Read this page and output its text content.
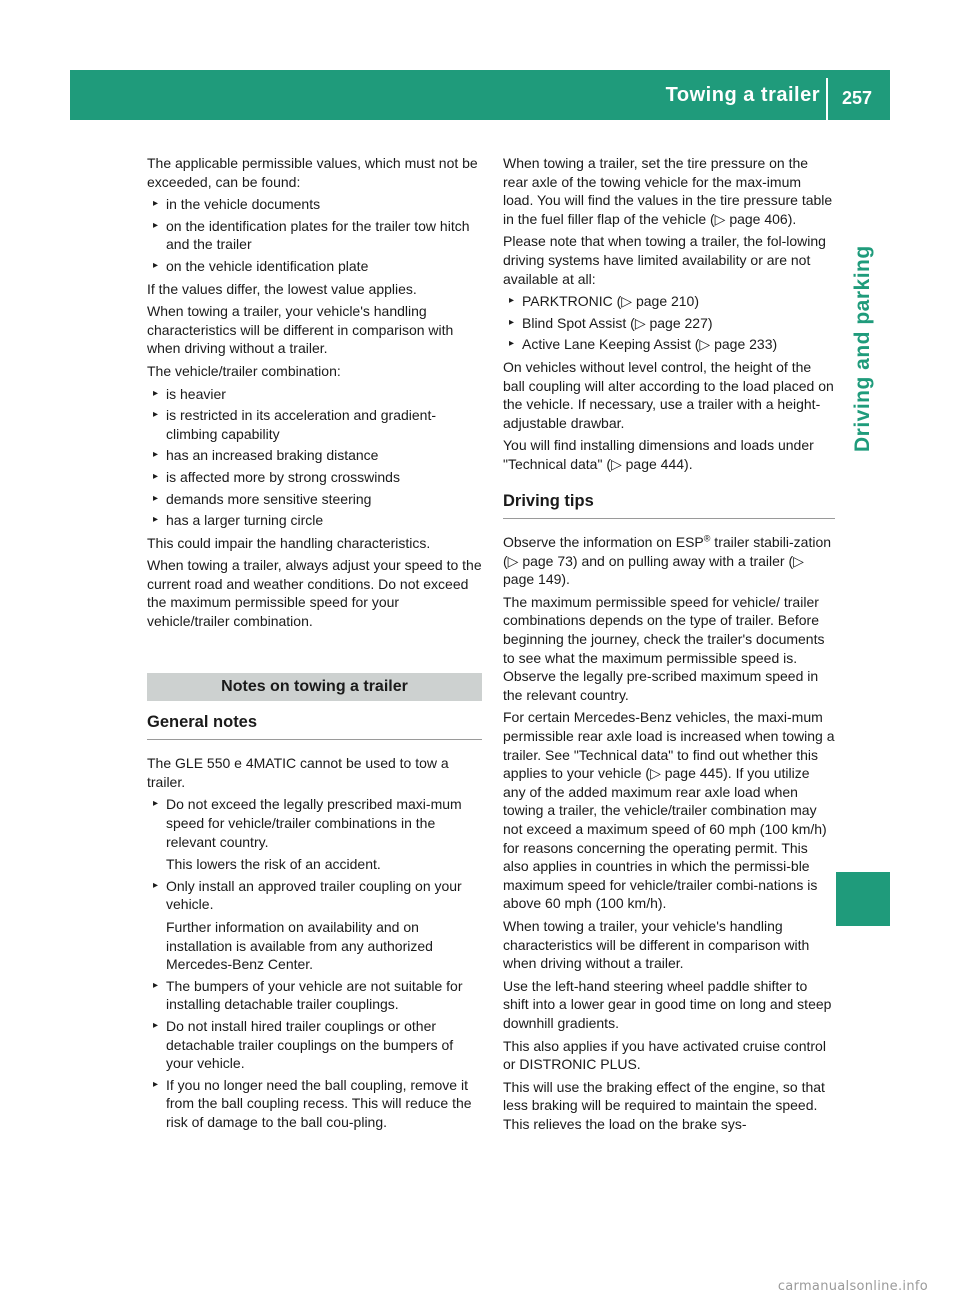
Towing a trailer	257
Driving and parking

The applicable permissible values, which must not be exceeded, can be found:

▸
in the vehicle documents
▸
on the identification plates for the trailer tow hitch and the trailer
▸
on the vehicle identification plate

If the values differ, the lowest value applies.

When towing a trailer, your vehicle's handling characteristics will be different in comparison with when driving without a trailer.

The vehicle/trailer combination:

▸
is heavier
▸
is restricted in its acceleration and gradient-climbing capability
▸
has an increased braking distance
▸
is affected more by strong crosswinds
▸
demands more sensitive steering
▸
has a larger turning circle

This could impair the handling characteristics.

When towing a trailer, always adjust your speed to the current road and weather conditions. Do not exceed the maximum permissible speed for your vehicle/trailer combination.

Notes on towing a trailer
General notes

The GLE 550 e 4MATIC cannot be used to tow a trailer.

▸
Do not exceed the legally prescribed maxi-mum speed for vehicle/trailer combinations in the relevant country.

This lowers the risk of an accident.

▸
Only install an approved trailer coupling on your vehicle.

Further information on availability and on installation is available from any authorized Mercedes-Benz Center.

▸
The bumpers of your vehicle are not suitable for installing detachable trailer couplings.
▸
Do not install hired trailer couplings or other detachable trailer couplings on the bumpers of your vehicle.
▸
If you no longer need the ball coupling, remove it from the ball coupling recess. This will reduce the risk of damage to the ball cou-pling.

When towing a trailer, set the tire pressure on the rear axle of the towing vehicle for the max-imum load. You will find the values in the tire pressure table in the fuel filler flap of the vehicle (▷ page 406).

Please note that when towing a trailer, the fol-lowing driving systems have limited availability or are not available at all:

▸
PARKTRONIC (▷ page 210)
▸
Blind Spot Assist (▷ page 227)
▸
Active Lane Keeping Assist (▷ page 233)

On vehicles without level control, the height of the ball coupling will alter according to the load placed on the vehicle. If necessary, use a trailer with a height-adjustable drawbar.

You will find installing dimensions and loads under "Technical data" (▷ page 444).

Driving tips

Observe the information on ESP® trailer stabili-zation (▷ page 73) and on pulling away with a trailer (▷ page 149).

The maximum permissible speed for vehicle/ trailer combinations depends on the type of trailer. Before beginning the journey, check the trailer's documents to see what the maximum permissible speed is. Observe the legally pre-scribed maximum speed in the relevant country.

For certain Mercedes-Benz vehicles, the maxi-mum permissible rear axle load is increased when towing a trailer. See "Technical data" to find out whether this applies to your vehicle (▷ page 445). If you utilize any of the added maximum rear axle load when towing a trailer, the vehicle/trailer combination may not exceed a maximum speed of 60 mph (100 km/h) for reasons concerning the operating permit. This also applies in countries in which the permissi-ble maximum speed for vehicle/trailer combi-nations is above 60 mph (100 km/h).

When towing a trailer, your vehicle's handling characteristics will be different in comparison with when driving without a trailer.

Use the left-hand steering wheel paddle shifter to shift into a lower gear in good time on long and steep downhill gradients.

This also applies if you have activated cruise control or DISTRONIC PLUS.

This will use the braking effect of the engine, so that less braking will be required to maintain the speed. This relieves the load on the brake sys-

carmanualsonline.info
